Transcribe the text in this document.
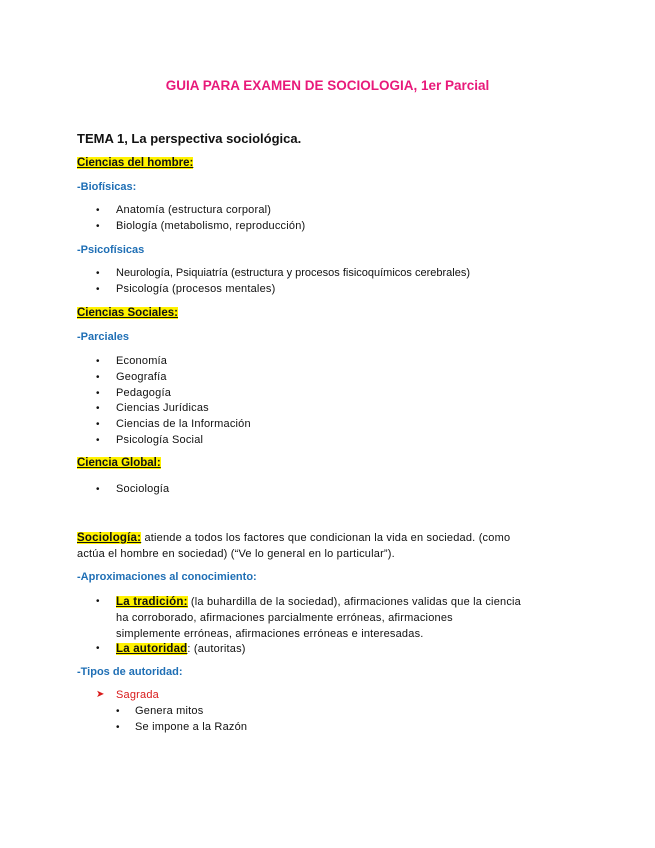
GUIA PARA EXAMEN DE SOCIOLOGIA, 1er Parcial
TEMA 1, La perspectiva sociológica.
Ciencias del hombre:
-Biofísicas:
• Anatomía (estructura corporal)
• Biología (metabolismo, reproducción)
-Psicofísicas
• Neurología, Psiquiatría (estructura y procesos fisicoquímicos cerebrales)
• Psicología (procesos mentales)
Ciencias Sociales:
-Parciales
• Economía
• Geografía
• Pedagogía
• Ciencias Jurídicas
• Ciencias de la Información
• Psicología Social
Ciencia Global:
• Sociología
Sociología: atiende a todos los factores que condicionan la vida en sociedad. (como
actúa el hombre en sociedad) (“Ve lo general en lo particular”).
-Aproximaciones al conocimiento:
• La tradición: (la buhardilla de la sociedad), afirmaciones validas que la ciencia
ha corroborado, afirmaciones parcialmente erróneas, afirmaciones
simplemente erróneas, afirmaciones erróneas e interesadas.
• La autoridad: (autoritas)
-Tipos de autoridad:
➤ Sagrada
• Genera mitos
• Se impone a la Razón
